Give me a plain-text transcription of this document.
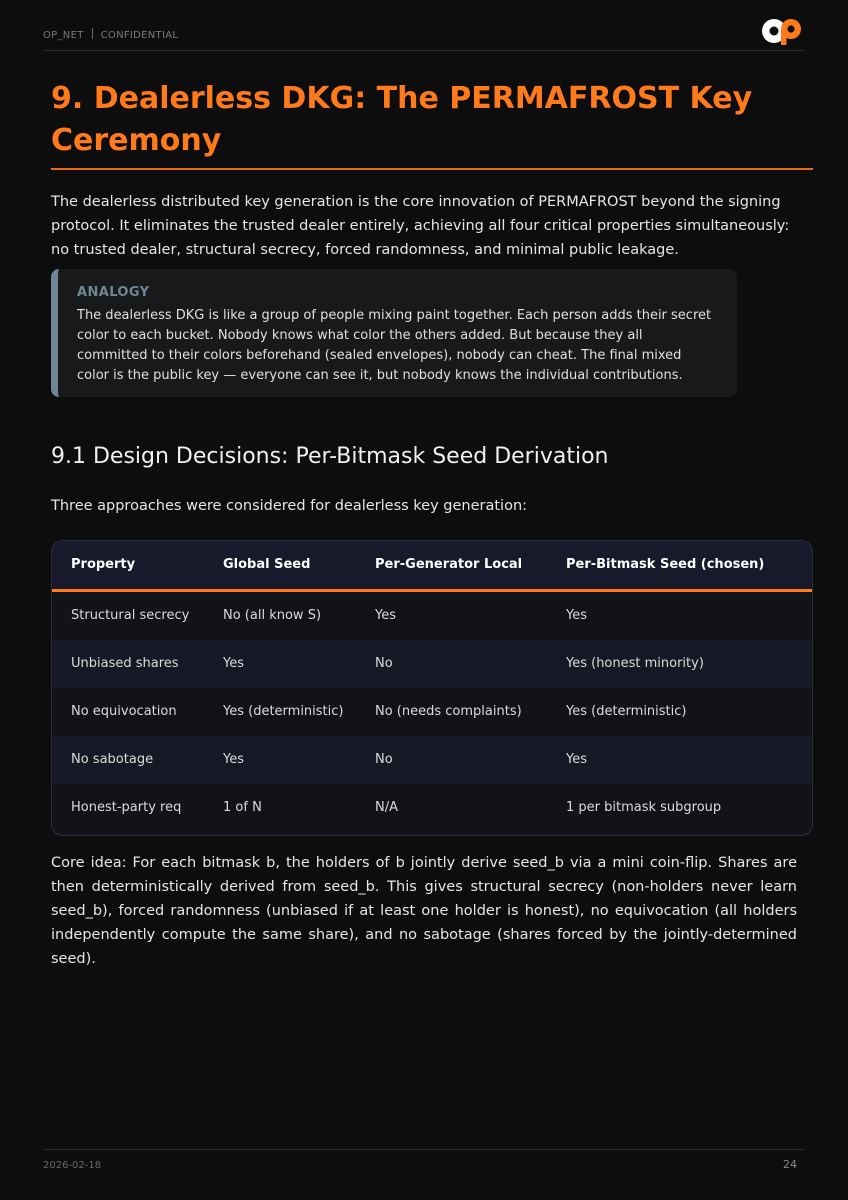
OP_NET CONFIDENTIAL
9. Dealerless DKG: The PERMAFROST Key Ceremony

The dealerless distributed key generation is the core innovation of PERMAFROST beyond the signing protocol. It eliminates the trusted dealer entirely, achieving all four critical properties simultaneously: no trusted dealer, structural secrecy, forced randomness, and minimal public leakage.

ANALOGY
The dealerless DKG is like a group of people mixing paint together. Each person adds their secret color to each bucket. Nobody knows what color the others added. But because they all committed to their colors beforehand (sealed envelopes), nobody can cheat. The final mixed color is the public key — everyone can see it, but nobody knows the individual contributions.
9.1 Design Decisions: Per-Bitmask Seed Derivation

Three approaches were considered for dealerless key generation:

Property	Global Seed	Per-Generator Local	Per-Bitmask Seed (chosen)
Structural secrecy	No (all know S)	Yes	Yes
Unbiased shares	Yes	No	Yes (honest minority)
No equivocation	Yes (deterministic)	No (needs complaints)	Yes (deterministic)
No sabotage	Yes	No	Yes
Honest-party req	1 of N	N/A	1 per bitmask subgroup

Core idea: For each bitmask b, the holders of b jointly derive seed_b via a mini coin-flip. Shares are then deterministically derived from seed_b. This gives structural secrecy (non-holders never learn seed_b), forced randomness (unbiased if at least one holder is honest), no equivocation (all holders independently compute the same share), and no sabotage (shares forced by the jointly-determined seed).

2026-02-18	24
